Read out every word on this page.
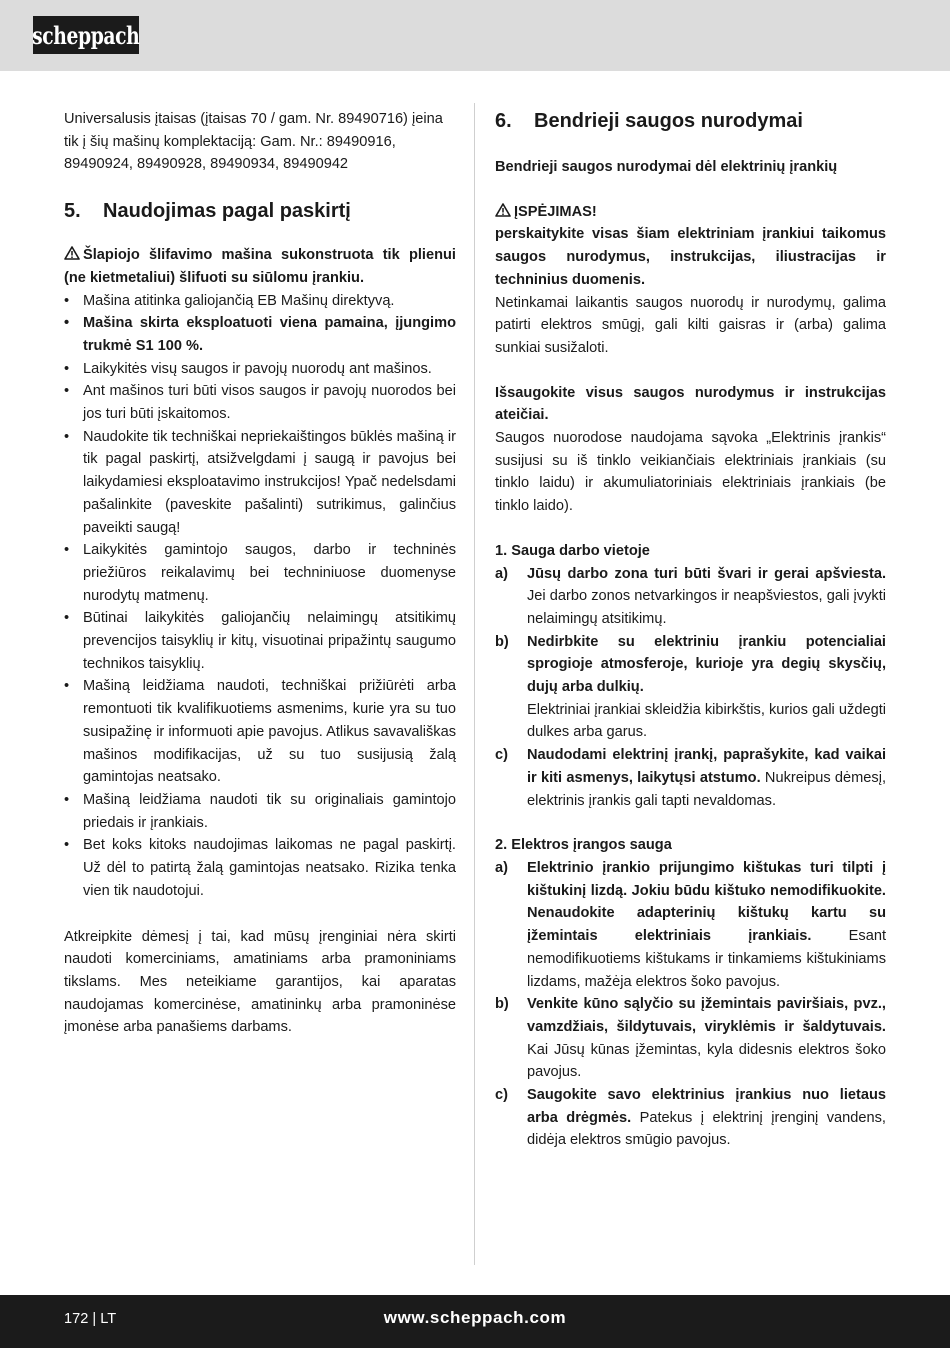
scheppach

Universalusis įtaisas (įtaisas 70 / gam. Nr. 89490716) įeina tik į šių mašinų komplektaciją: Gam. Nr.: 89490916, 89490924, 89490928, 89490934, 89490942

5.	Naudojimas pagal paskirtį

Šlapiojo šlifavimo mašina sukonstruota tik plienui (ne kietmetaliui) šlifuoti su siūlomu įrankiu.

• Mašina atitinka galiojančią EB Mašinų direktyvą.
• Mašina skirta eksploatuoti viena pamaina, įjungimo trukmė S1 100 %.
• Laikykitės visų saugos ir pavojų nuorodų ant mašinos.
• Ant mašinos turi būti visos saugos ir pavojų nuorodos bei jos turi būti įskaitomos.
• Naudokite tik techniškai nepriekaištingos būklės mašiną ir tik pagal paskirtį, atsižvelgdami į saugą ir pavojus bei laikydamiesi eksploatavimo instrukcijos! Ypač nedelsdami pašalinkite (paveskite pašalinti) sutrikimus, galinčius paveikti saugą!
• Laikykitės gamintojo saugos, darbo ir techninės priežiūros reikalavimų bei techniniuose duomenyse nurodytų matmenų.
• Būtinai laikykitės galiojančių nelaimingų atsitikimų prevencijos taisyklių ir kitų, visuotinai pripažintų saugumo technikos taisyklių.
• Mašiną leidžiama naudoti, techniškai prižiūrėti arba remontuoti tik kvalifikuotiems asmenims, kurie yra su tuo susipažinę ir informuoti apie pavojus. Atlikus savavališkas mašinos modifikacijas, už su tuo susijusią žalą gamintojas neatsako.
• Mašiną leidžiama naudoti tik su originaliais gamintojo priedais ir įrankiais.
• Bet koks kitoks naudojimas laikomas ne pagal paskirtį. Už dėl to patirtą žalą gamintojas neatsako. Rizika tenka vien tik naudotojui.

Atkreipkite dėmesį į tai, kad mūsų įrenginiai nėra skirti naudoti komerciniams, amatiniams arba pramoniniams tikslams. Mes neteikiame garantijos, kai aparatas naudojamas komercinėse, amatininkų arba pramoninėse įmonėse arba panašiems darbams.

6.	Bendrieji saugos nurodymai

Bendrieji saugos nurodymai dėl elektrinių įrankių

ĮSPĖJIMAS!

perskaitykite visas šiam elektriniam įrankiui taikomus saugos nurodymus, instrukcijas, iliustracijas ir techninius duomenis.

Netinkamai laikantis saugos nuorodų ir nurodymų, galima patirti elektros smūgį, gali kilti gaisras ir (arba) galima sunkiai susižaloti.

Išsaugokite visus saugos nurodymus ir instrukcijas ateičiai.

Saugos nuorodose naudojama sąvoka „Elektrinis įrankis“ susijusi su iš tinklo veikiančiais elektriniais įrankiais (su tinklo laidu) ir akumuliatoriniais elektriniais įrankiais (be tinklo laido).

1. Sauga darbo vietoje

a) Jūsų darbo zona turi būti švari ir gerai apšviesta. Jei darbo zonos netvarkingos ir neapšviestos, gali įvykti nelaimingų atsitikimų.
b) Nedirbkite su elektriniu įrankiu potencialiai sprogioje atmosferoje, kurioje yra degių skysčių, dujų arba dulkių.
Elektriniai įrankiai skleidžia kibirkštis, kurios gali uždegti dulkes arba garus.
c) Naudodami elektrinį įrankį, paprašykite, kad vaikai ir kiti asmenys, laikytųsi atstumo. Nukreipus dėmesį, elektrinis įrankis gali tapti nevaldomas.

2. Elektros įrangos sauga

a) Elektrinio įrankio prijungimo kištukas turi tilpti į kištukinį lizdą. Jokiu būdu kištuko nemodifikuokite. Nenaudokite adapterinių kištukų kartu su įžemintais elektriniais įrankiais. Esant nemodifikuotiems kištukams ir tinkamiems kištukiniams lizdams, mažėja elektros šoko pavojus.
b) Venkite kūno sąlyčio su įžemintais paviršiais, pvz., vamzdžiais, šildytuvais, viryklėmis ir šaldytuvais. Kai Jūsų kūnas įžemintas, kyla didesnis elektros šoko pavojus.
c) Saugokite savo elektrinius įrankius nuo lietaus arba drėgmės. Patekus į elektrinį įrenginį vandens, didėja elektros smūgio pavojus.
172 | LT	www.scheppach.com
